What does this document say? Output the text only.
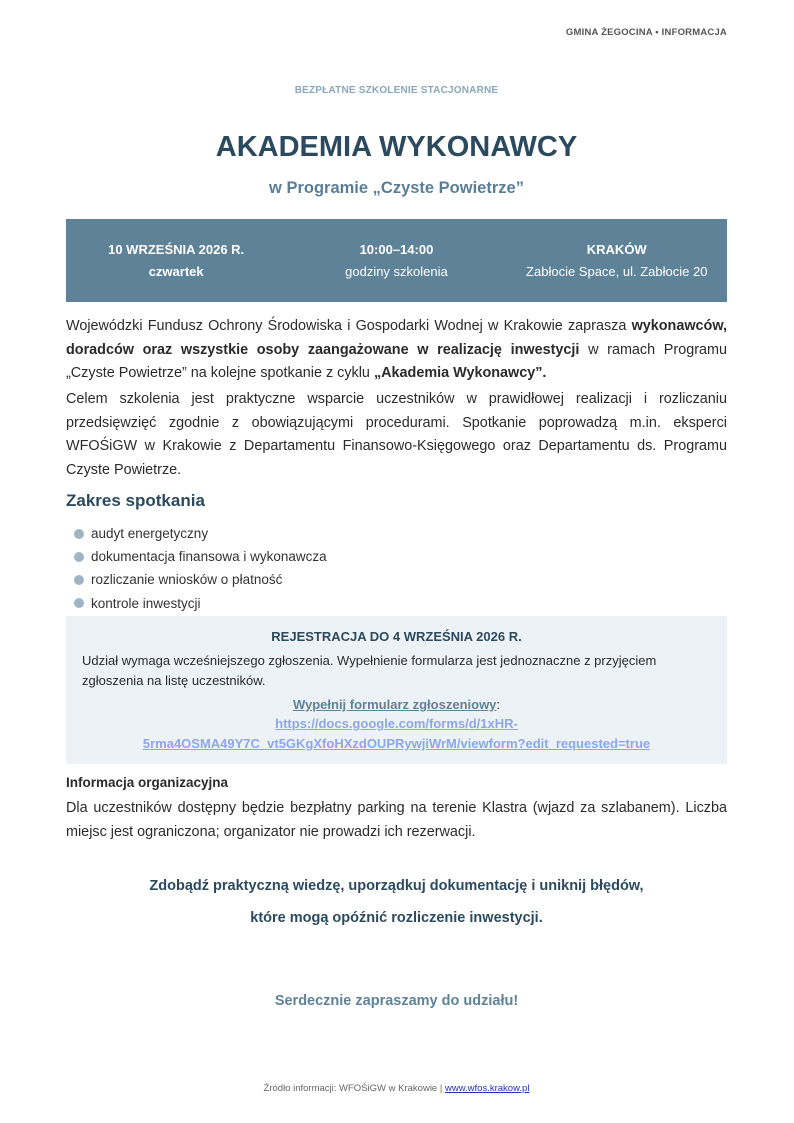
GMINA ŻEGOCINA • INFORMACJA
BEZPŁATNE SZKOLENIE STACJONARNE
AKADEMIA WYKONAWCY
w Programie „Czyste Powietrze”
10 WRZEŚNIA 2026 R.
czwartek
10:00–14:00
godziny szkolenia
KRAKÓW
Zabłocie Space, ul. Zabłocie 20
Wojewódzki Fundusz Ochrony Środowiska i Gospodarki Wodnej w Krakowie zaprasza wykonawców, doradców oraz wszystkie osoby zaangażowane w realizację inwestycji w ramach Programu „Czyste Powietrze” na kolejne spotkanie z cyklu „Akademia Wykonawcy”.
Celem szkolenia jest praktyczne wsparcie uczestników w prawidłowej realizacji i rozliczaniu przedsięwzięć zgodnie z obowiązującymi procedurami. Spotkanie poprowadzą m.in. eksperci WFOŚiGW w Krakowie z Departamentu Finansowo-Księgowego oraz Departamentu ds. Programu Czyste Powietrze.
Zakres spotkania
audyt energetyczny
dokumentacja finansowa i wykonawcza
rozliczanie wniosków o płatność
kontrole inwestycji
REJESTRACJA DO 4 WRZEŚNIA 2026 R.
Udział wymaga wcześniejszego zgłoszenia. Wypełnienie formularza jest jednoznaczne z przyjęciem zgłoszenia na listę uczestników.
Wypełnij formularz zgłoszeniowy:
https://docs.google.com/forms/d/1xHR-5rma4OSMA49Y7C_vt5GKgXfoHXzdOUPRywjiWrM/viewform?edit_requested=true
Informacja organizacyjna
Dla uczestników dostępny będzie bezpłatny parking na terenie Klastra (wjazd za szlabanem). Liczba miejsc jest ograniczona; organizator nie prowadzi ich rezerwacji.
Zdobądź praktyczną wiedzę, uporządkuj dokumentację i uniknij błędów,
które mogą opóźnić rozliczenie inwestycji.
Serdecznie zapraszamy do udziału!
Źródło informacji: WFOŚiGW w Krakowie | www.wfos.krakow.pl
